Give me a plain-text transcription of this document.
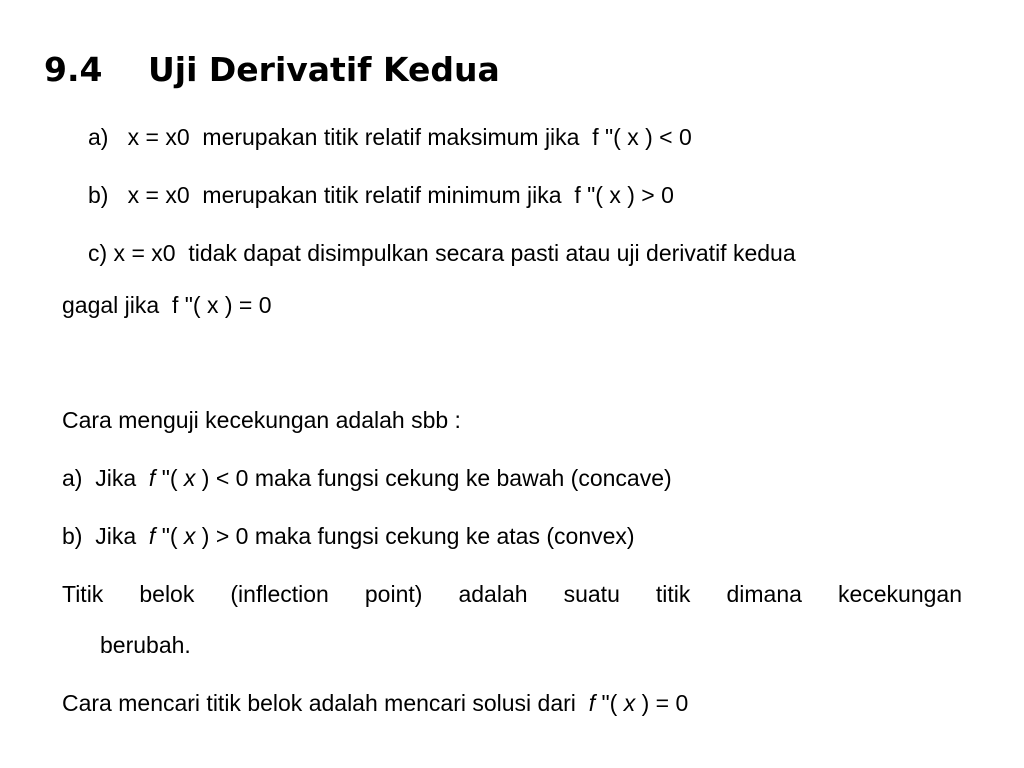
9.4 Uji Derivatif Kedua
a)   x = x0  merupakan titik relatif maksimum jika  f "( x ) < 0
b)   x = x0  merupakan titik relatif minimum jika  f "( x ) > 0
c) x = x0  tidak dapat disimpulkan secara pasti atau uji derivatif kedua
gagal jika  f "( x ) = 0
Cara menguji kecekungan adalah sbb :
a)  Jika  f "( x ) < 0 maka fungsi cekung ke bawah (concave)
b)  Jika  f "( x ) > 0 maka fungsi cekung ke atas (convex)
Titik belok (inflection point) adalah suatu titik dimana kecekungan
berubah.
Cara mencari titik belok adalah mencari solusi dari  f "( x ) = 0
